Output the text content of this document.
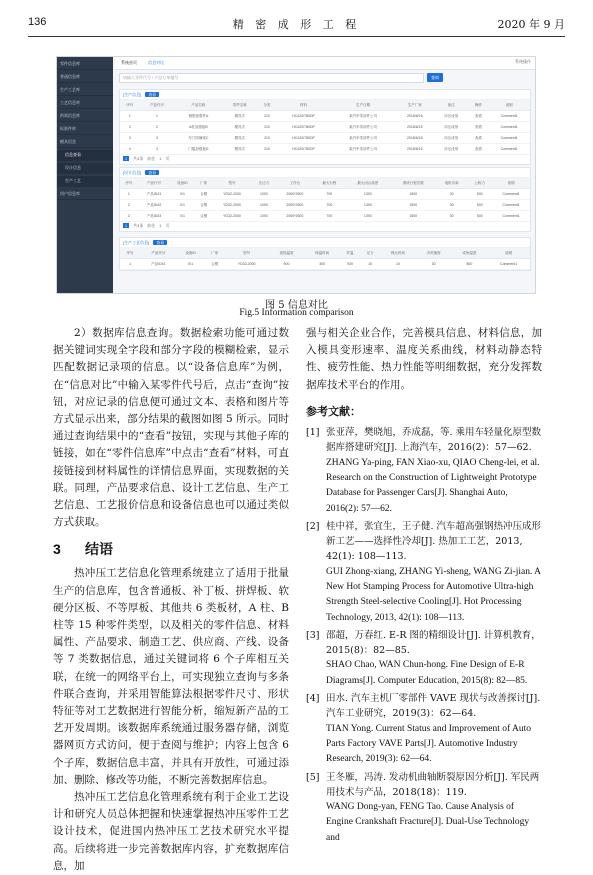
136	精 密 成 形 工 程	2020 年 9 月
零件信息库
普通信息库
生产工艺库
工艺信息库
供需信息库
标准件库
模具信息
信息查看
设计信息
生产工艺
用户信息库
系统首页	信息对比	系统操作
请输入零件代号 / 产品订单编号	查询
[生产信息] 查看
序号	产品代号	产品名称	零件名称	分类	材料	生产日期	生产厂家	备注	操作	说明
1	1	侧围加强件A	模具式	210	HC420/780DP	某汽车零部件公司	2018/6/15	冲压成形	查看	Comment1
2	2	A柱加强板B	模具式	210	HC420/780DP	某汽车零部件公司	2018/6/15	冲压成形	查看	Comment1
3	3	车门防撞梁C	模具式	210	HC420/780DP	某汽车零部件公司	2018/6/15	冲压成形	查看	Comment1
4	4	门槛加强板D	模具式	210	HC420/780DP	某汽车零部件公司	2018/6/15	冲压成形	查看	Comment1
1 共4条 前往 1 页
[设计信息] 查看
序号	产品代号	设备ID	厂家	型号	压边力	工作台	最大行程	最大闭合高度	滑块行程次数	电机功率	公称力	说明
1	产品ID41	0/1	合模	YD32-2000	1000	2000*2500	700	1300	1500	30	500	Comment1
2	产品ID42	0/1	合模	YD32-2000	1000	2000*2500	700	1300	1500	30	500	Comment1
3	产品ID43	0/1	合模	YD32-2000	1000	2000*2500	700	1300	1500	30	500	Comment1
1 共3条 前往 1 页
[生产工艺信息] 查看
序号	产品代号	设备ID	厂家	型号	加热温度	保温时间	炉温	压力	保压时间	冷却速度	成形温度	说明
1	产品ID41	0/1	合模	YD32-2000	900	300	930	10	10	30	800	Comment1
图 5 信息对比
Fig.5 Information comparison

2）数据库信息查询。数据检索功能可通过数据关键词实现全字段和部分字段的模糊检索，显示匹配数据记录项的信息。以“设备信息库”为例，在“信息对比”中输入某零件代号后，点击“查询”按钮，对应记录的信息便可通过文本、表格和图片等方式显示出来，部分结果的截图如图 5 所示。同时通过查询结果中的“查看”按钮，实现与其他子库的链接，如在“零件信息库”中点击“查看”材料，可直接链接到材料属性的详情信息界面，实现数据的关联。同理，产品要求信息、设计工艺信息、生产工艺信息、工艺报价信息和设备信息也可以通过类似方式获取。

3 结语

热冲压工艺信息化管理系统建立了适用于批量生产的信息库，包含普通板、补丁板、拼焊板、软硬分区板、不等厚板、其他共 6 类板材，A 柱、B 柱等 15 种零件类型，以及相关的零件信息、材料属性、产品要求、制造工艺、供应商、产线、设备等 7 类数据信息，通过关键词将 6 个子库相互关联，在统一的网络平台上，可实现独立查询与多条件联合查询，并采用智能算法根据零件尺寸、形状特征等对工艺数据进行智能分析，缩短新产品的工艺开发周期。该数据库系统通过服务器存储，浏览器网页方式访问，便于查阅与维护；内容上包含 6 个子库，数据信息丰富，并具有开放性，可通过添加、删除、修改等功能，不断完善数据库信息。

热冲压工艺信息化管理系统有利于企业工艺设计和研究人员总体把握和快速掌握热冲压零件工艺设计技术，促进国内热冲压工艺技术研究水平提高。后续将进一步完善数据库内容，扩充数据库信息，加

强与相关企业合作，完善模具信息、材料信息，加入模具变形速率、温度关系曲线，材料动静态特性、疲劳性能、热力性能等明细数据，充分发挥数据库技术平台的作用。

参考文献：
[1] 张亚萍，樊晓旭，乔成磊，等. 乘用车轻量化原型数据库搭建研究[J]. 上海汽车，2016(2)：57—62.
ZHANG Ya-ping, FAN Xiao-xu, QIAO Cheng-lei, et al. Research on the Construction of Lightweight Prototype Database for Passenger Cars[J]. Shanghai Auto, 2016(2): 57—62.
[2] 桂中祥，张宜生，王子健. 汽车超高强钢热冲压成形新工艺——选择性冷却[J]. 热加工工艺，2013, 42(1): 108—113.
GUI Zhong-xiang, ZHANG Yi-sheng, WANG Zi-jian. A New Hot Stamping Process for Automotive Ultra-high Strength Steel-selective Cooling[J]. Hot Processing Technology, 2013, 42(1): 108—113.
[3] 邵超，万春红. E-R 图的精细设计[J]. 计算机教育，2015(8)：82—85.
SHAO Chao, WAN Chun-hong. Fine Design of E-R Diagrams[J]. Computer Education, 2015(8): 82—85.
[4] 田水. 汽车主机厂零部件 VAVE 现状与改善探讨[J]. 汽车工业研究，2019(3)：62—64.
TIAN Yong. Current Status and Improvement of Auto Parts Factory VAVE Parts[J]. Automotive Industry Research, 2019(3): 62—64.
[5] 王冬雁，冯涛. 发动机曲轴断裂原因分析[J]. 军民两用技术与产品，2018(18)：119.
WANG Dong-yan, FENG Tao. Cause Analysis of Engine Crankshaft Fracture[J]. Dual-Use Technology and
